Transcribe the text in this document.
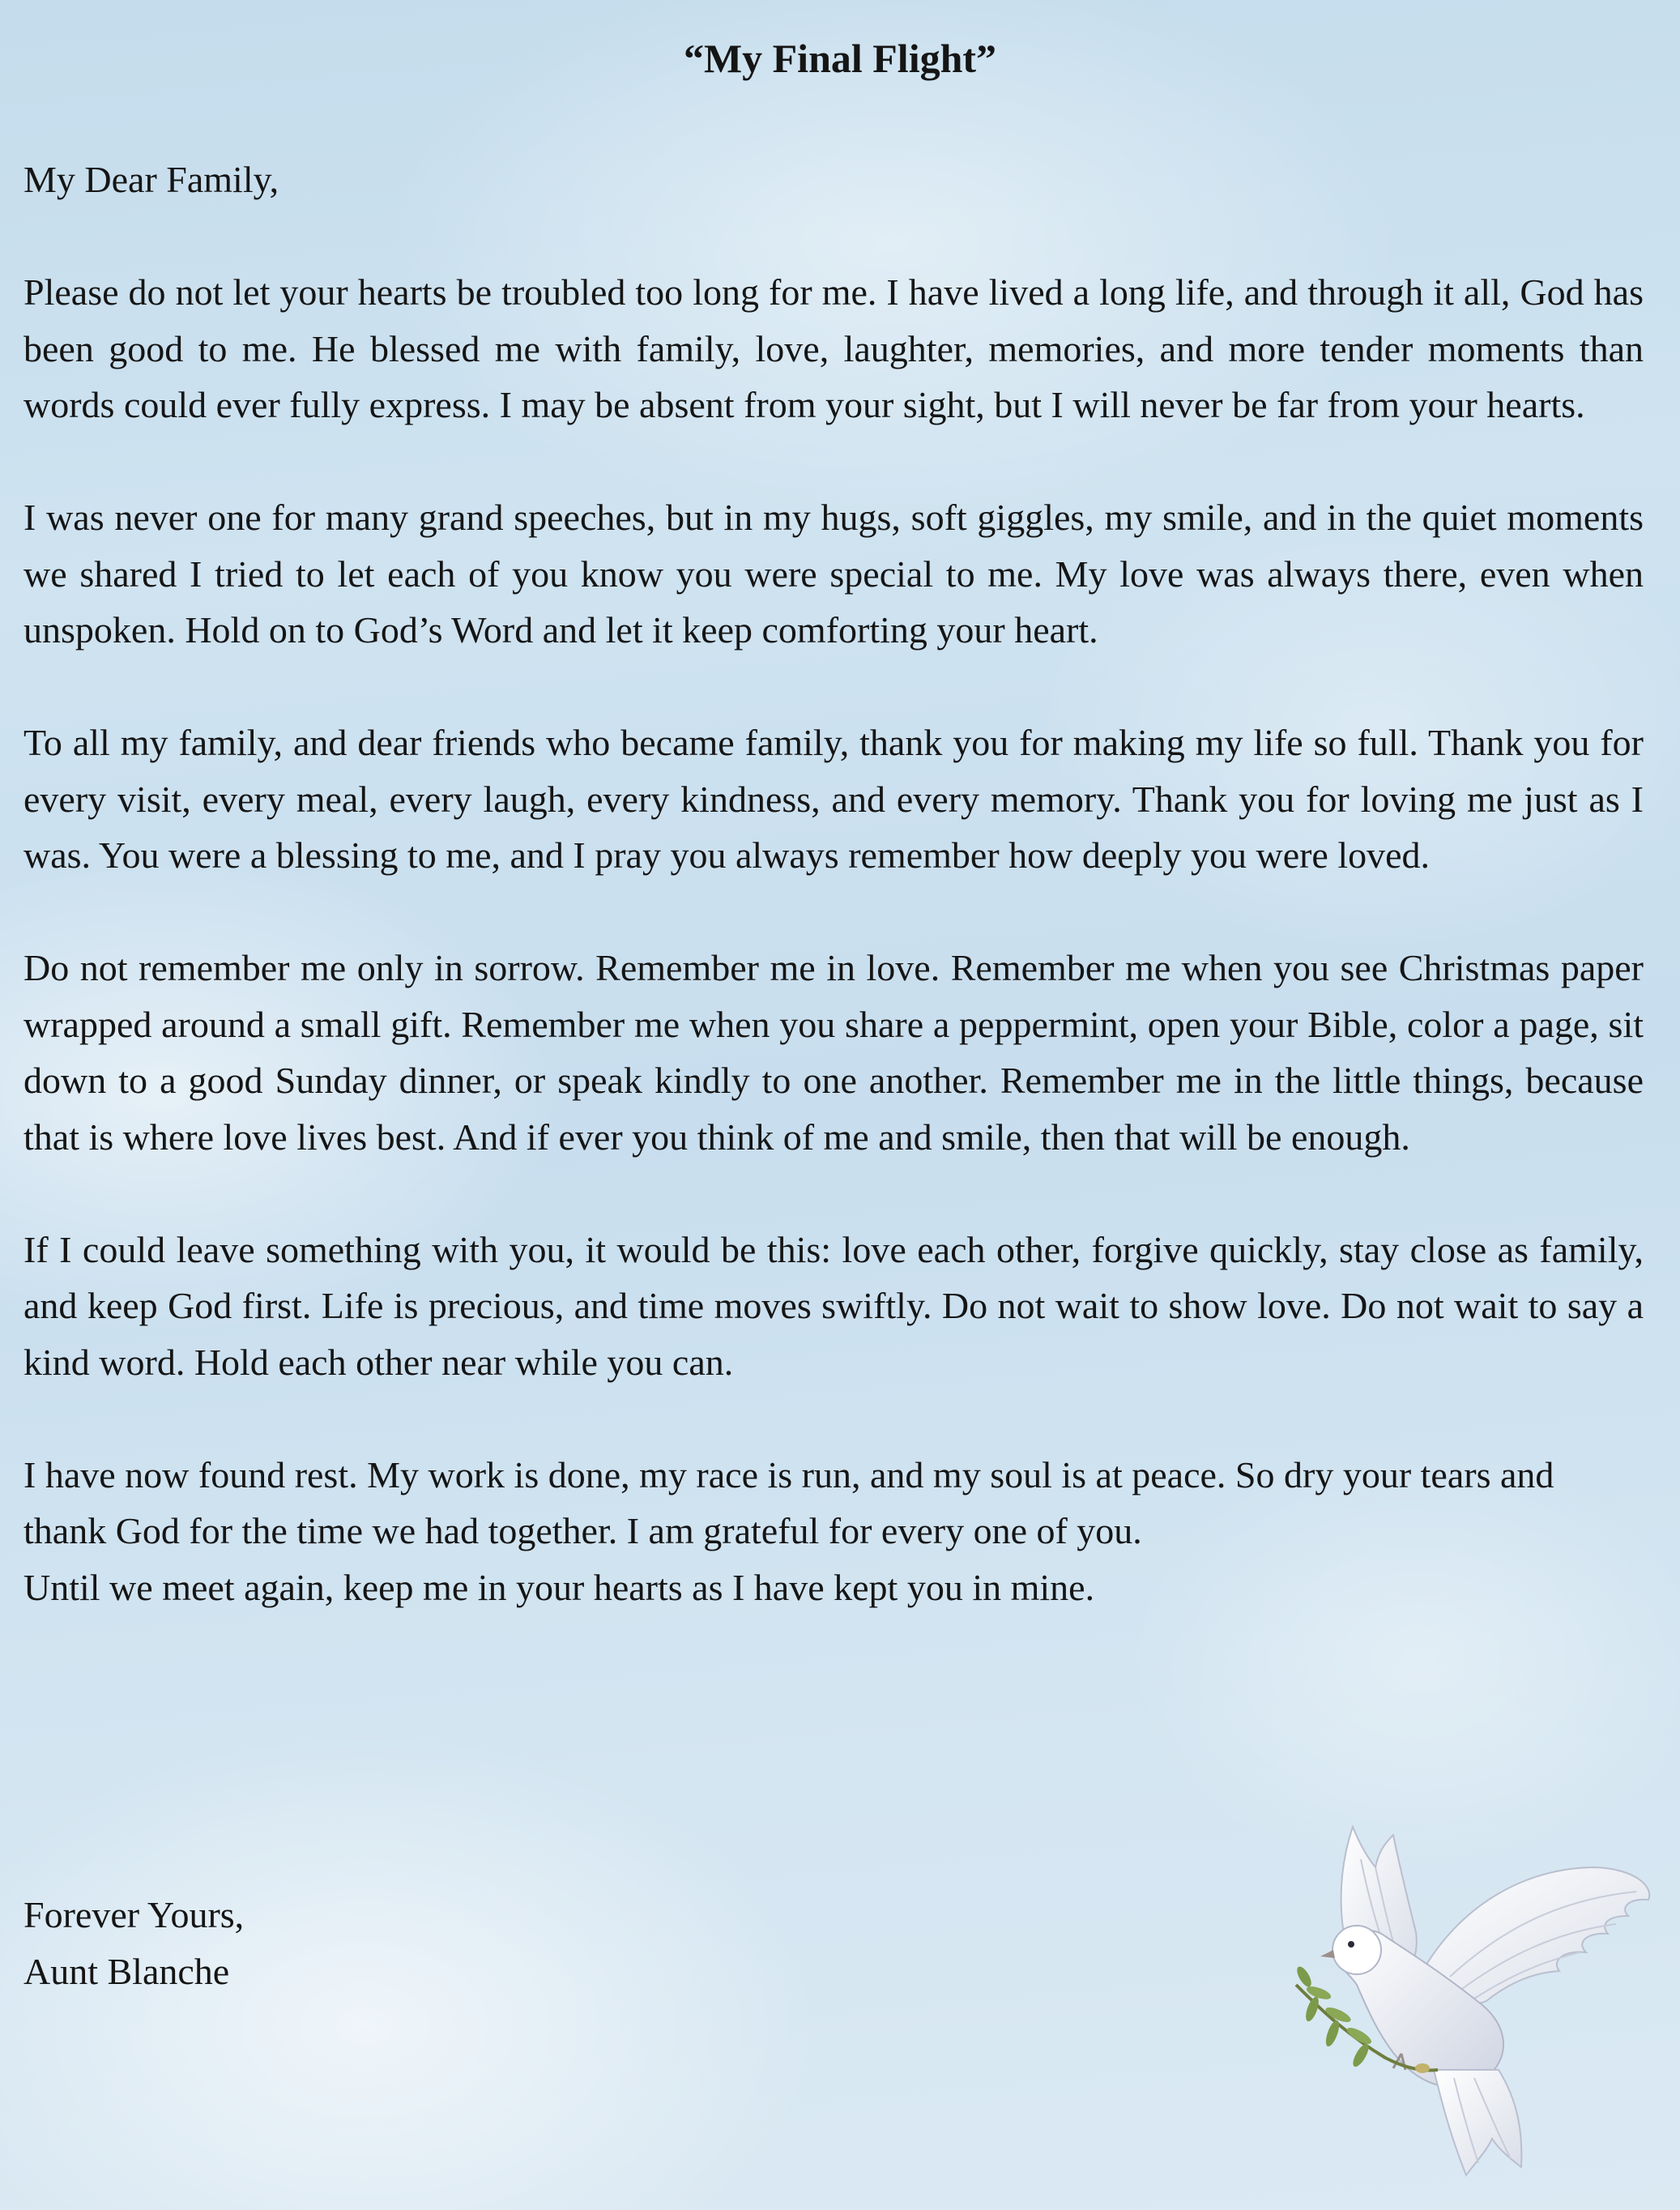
“My Final Flight”

My Dear Family,

Please do not let your hearts be troubled too long for me. I have lived a long life, and through it all, God has been good to me. He blessed me with family, love, laughter, memories, and more tender moments than words could ever fully express. I may be absent from your sight, but I will never be far from your hearts.

I was never one for many grand speeches, but in my hugs, soft giggles, my smile, and in the quiet moments we shared I tried to let each of you know you were special to me. My love was always there, even when unspoken. Hold on to God’s Word and let it keep comforting your heart.

To all my family, and dear friends who became family, thank you for making my life so full. Thank you for every visit, every meal, every laugh, every kindness, and every memory. Thank you for loving me just as I was. You were a blessing to me, and I pray you always remember how deeply you were loved.

Do not remember me only in sorrow. Remember me in love. Remember me when you see Christmas paper wrapped around a small gift. Remember me when you share a peppermint, open your Bible, color a page, sit down to a good Sunday dinner, or speak kindly to one another. Remember me in the little things, because that is where love lives best. And if ever you think of me and smile, then that will be enough.

If I could leave something with you, it would be this: love each other, forgive quickly, stay close as family, and keep God first. Life is precious, and time moves swiftly. Do not wait to show love. Do not wait to say a kind word. Hold each other near while you can.

I have now found rest. My work is done, my race is run, and my soul is at peace. So dry your tears and thank God for the time we had together. I am grateful for every one of you.
Until we meet again, keep me in your hearts as I have kept you in mine.

Forever Yours,
Aunt Blanche
